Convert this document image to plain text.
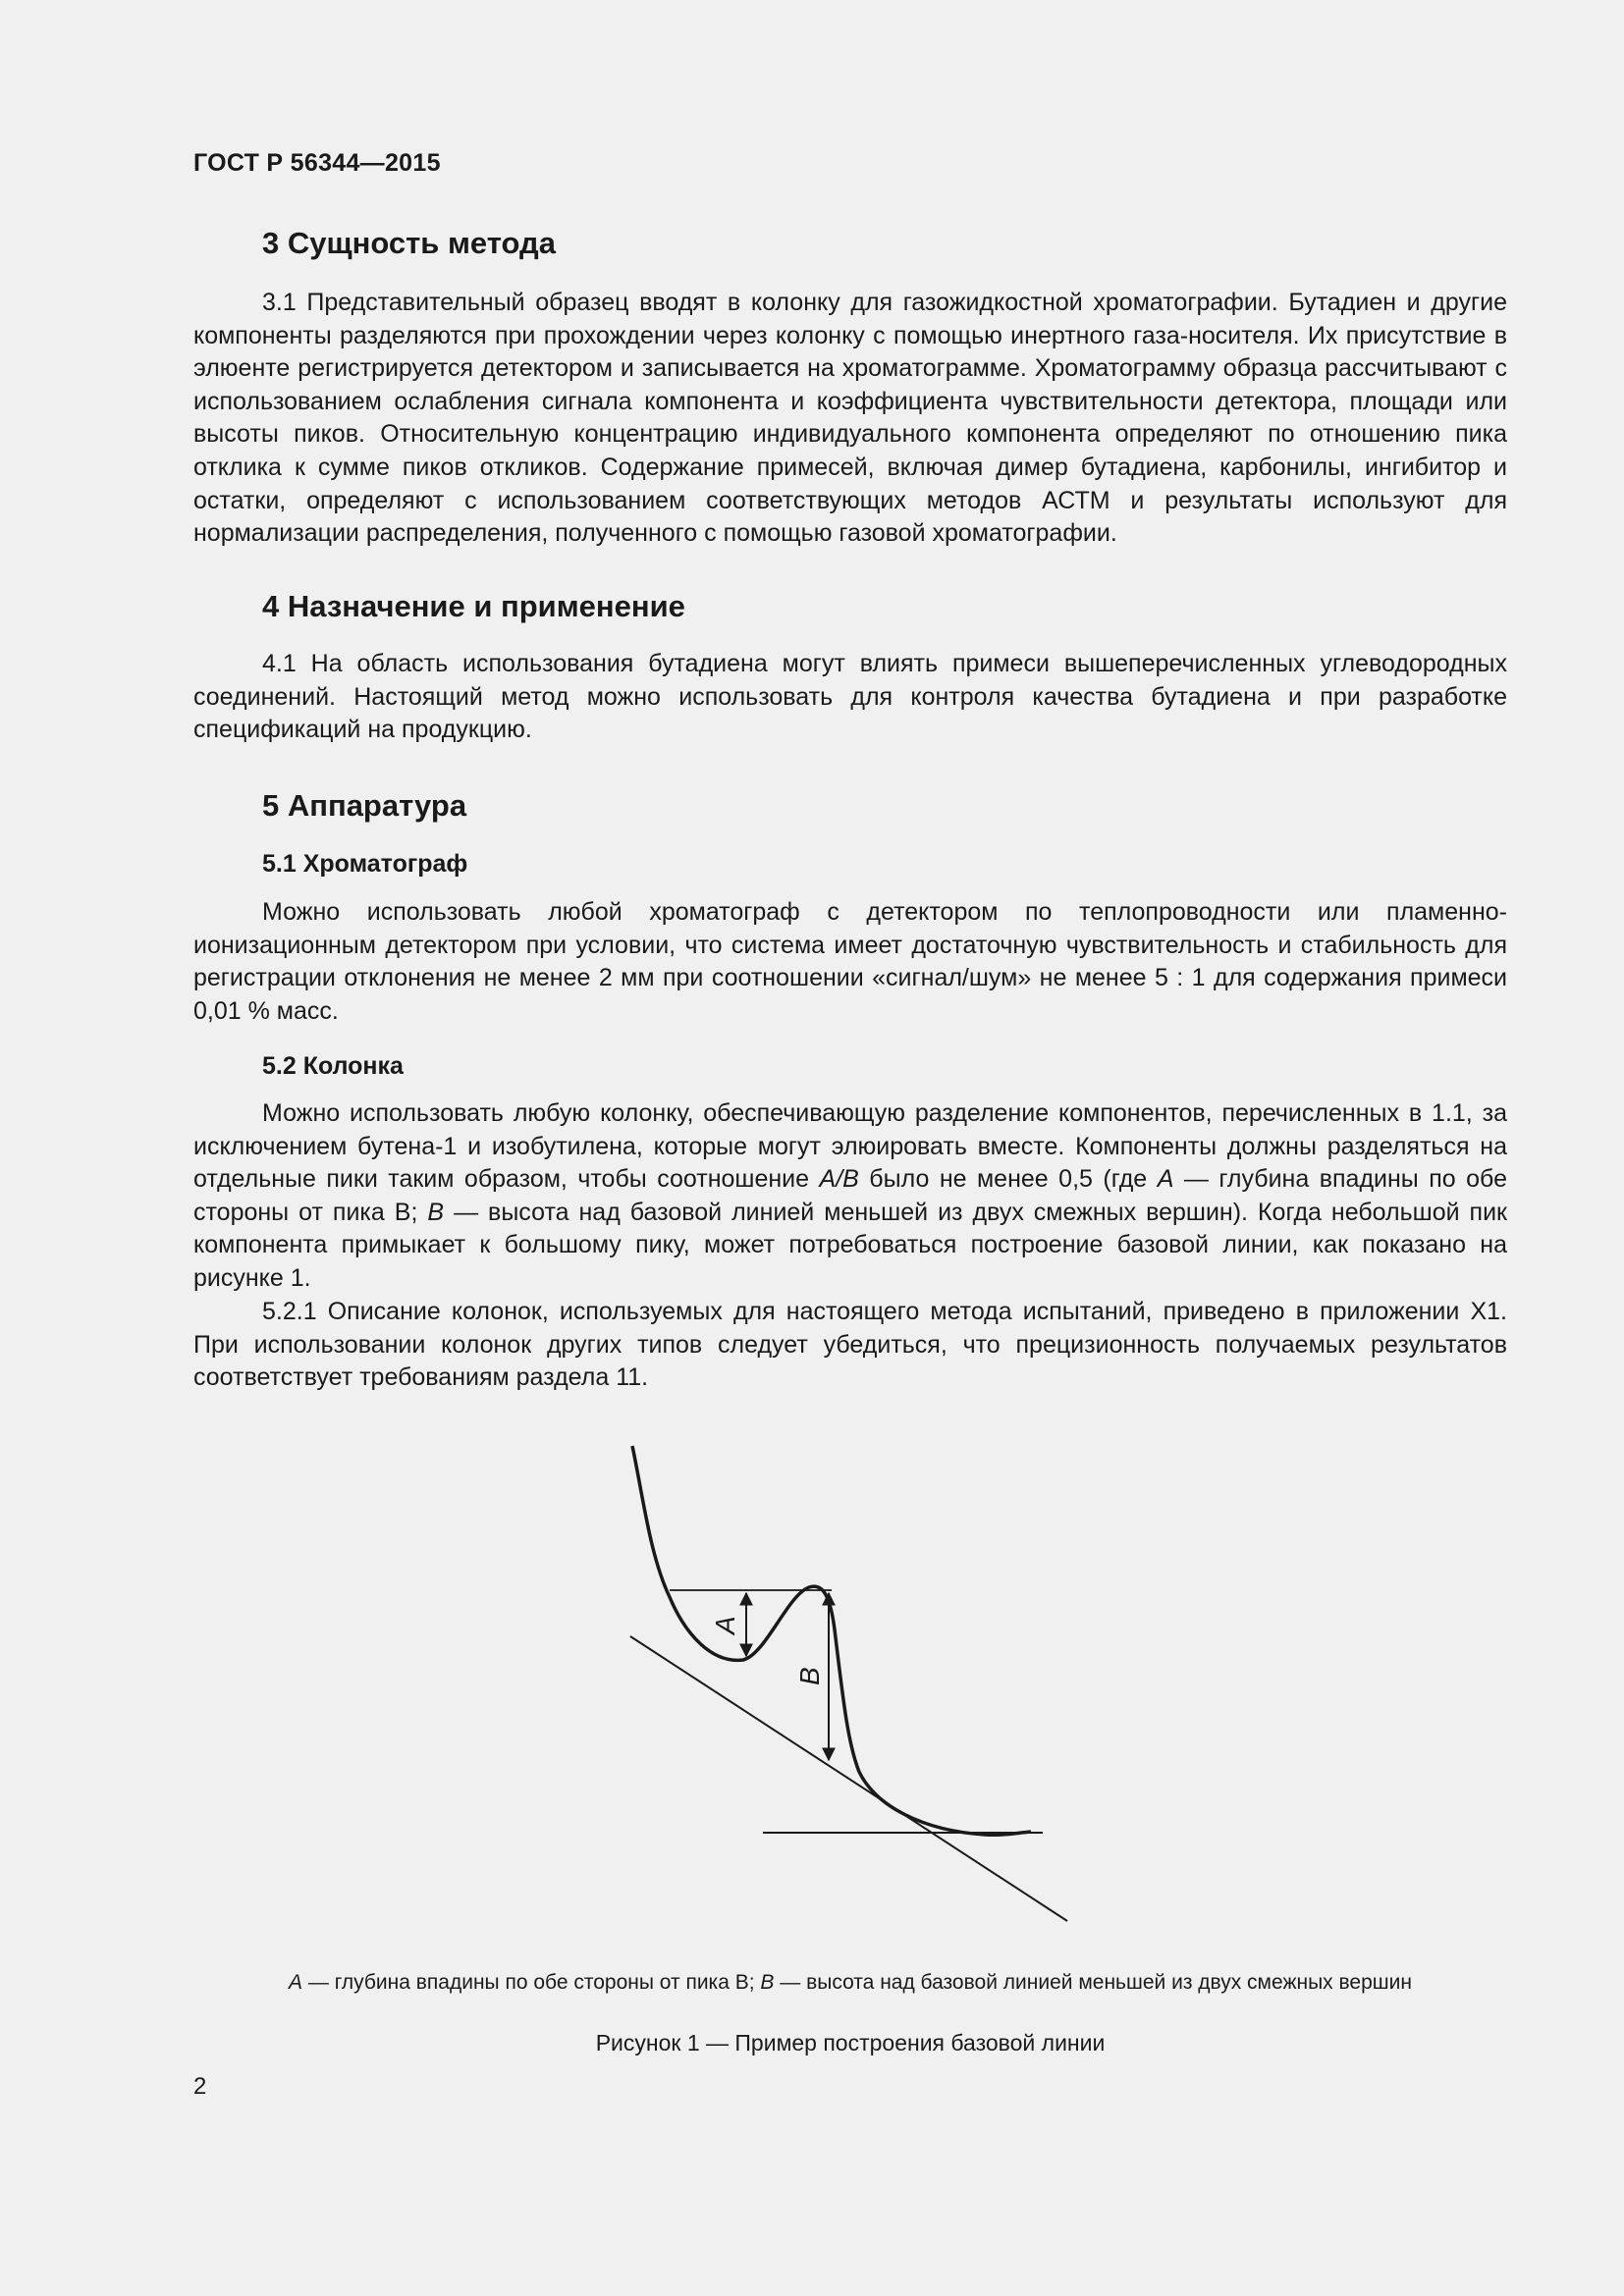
ГОСТ Р 56344—2015
3 Сущность метода

3.1 Представительный образец вводят в колонку для газожидкостной хроматографии. Бутадиен и другие компоненты разделяются при прохождении через колонку с помощью инертного газа-носителя. Их присутствие в элюенте регистрируется детектором и записывается на хроматограмме. Хроматограмму образца рассчитывают с использованием ослабления сигнала компонента и коэффициента чувствительности детектора, площади или высоты пиков. Относительную концентрацию индивидуального компонента определяют по отношению пика отклика к сумме пиков откликов. Содержание примесей, включая димер бутадиена, карбонилы, ингибитор и остатки, определяют с использованием соответствующих методов АСТМ и результаты используют для нормализации распределения, полученного с помощью газовой хроматографии.

4 Назначение и применение

4.1 На область использования бутадиена могут влиять примеси вышеперечисленных углеводородных соединений. Настоящий метод можно использовать для контроля качества бутадиена и при разработке спецификаций на продукцию.

5 Аппаратура
5.1 Хроматограф

Можно использовать любой хроматограф с детектором по теплопроводности или пламенно-ионизационным детектором при условии, что система имеет достаточную чувствительность и стабильность для регистрации отклонения не менее 2 мм при соотношении «сигнал/шум» не менее 5 : 1 для содержания примеси 0,01 % масс.

5.2 Колонка

Можно использовать любую колонку, обеспечивающую разделение компонентов, перечисленных в 1.1, за исключением бутена-1 и изобутилена, которые могут элюировать вместе. Компоненты должны разделяться на отдельные пики таким образом, чтобы соотношение A/B было не менее 0,5 (где A — глубина впадины по обе стороны от пика В; B — высота над базовой линией меньшей из двух смежных вершин). Когда небольшой пик компонента примыкает к большому пику, может потребоваться построение базовой линии, как показано на рисунке 1.

5.2.1 Описание колонок, используемых для настоящего метода испытаний, приведено в приложении X1. При использовании колонок других типов следует убедиться, что прецизионность получаемых результатов соответствует требованиям раздела 11.

A
B
A — глубина впадины по обе стороны от пика В; B — высота над базовой линией меньшей из двух смежных вершин
Рисунок 1 — Пример построения базовой линии
2
